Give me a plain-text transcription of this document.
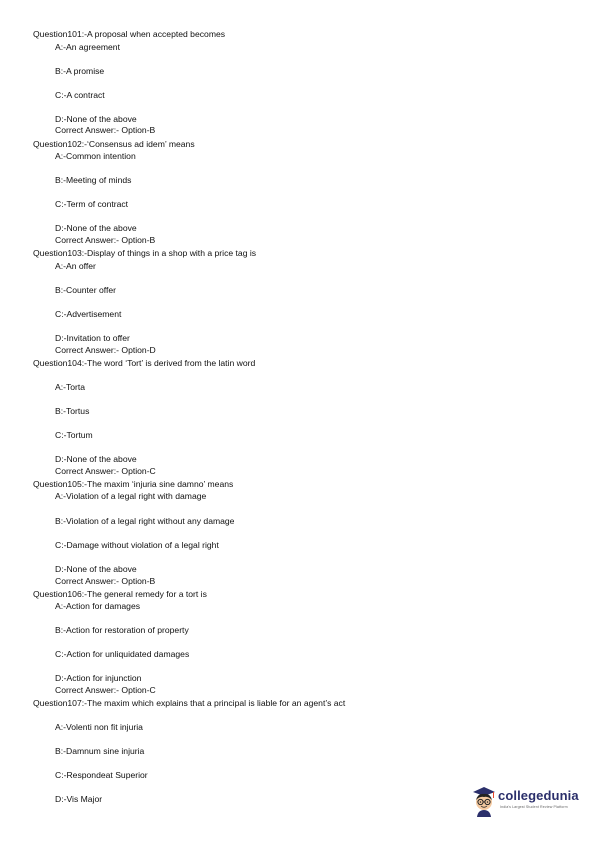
Question101:-A proposal when accepted becomes
A:-An agreement
B:-A promise
C:-A contract
D:-None of the above
Correct Answer:- Option-B
Question102:-‘Consensus ad idem’ means
A:-Common intention
B:-Meeting of minds
C:-Term of contract
D:-None of the above
Correct Answer:- Option-B
Question103:-Display of things in a shop with a price tag is
A:-An offer
B:-Counter offer
C:-Advertisement
D:-Invitation to offer
Correct Answer:- Option-D
Question104:-The word ‘Tort’ is derived from the latin word
A:-Torta
B:-Tortus
C:-Tortum
D:-None of the above
Correct Answer:- Option-C
Question105:-The maxim ‘injuria sine damno’ means
A:-Violation of a legal right with damage
B:-Violation of a legal right without any damage
C:-Damage without violation of a legal right
D:-None of the above
Correct Answer:- Option-B
Question106:-The general remedy for a tort is
A:-Action for damages
B:-Action for restoration of property
C:-Action for unliquidated damages
D:-Action for injunction
Correct Answer:- Option-C
Question107:-The maxim which explains that a principal is liable for an agent’s act
A:-Volenti non fit injuria
B:-Damnum sine injuria
C:-Respondeat Superior
D:-Vis Major	collegedunia
India's Largest Student Review Platform
